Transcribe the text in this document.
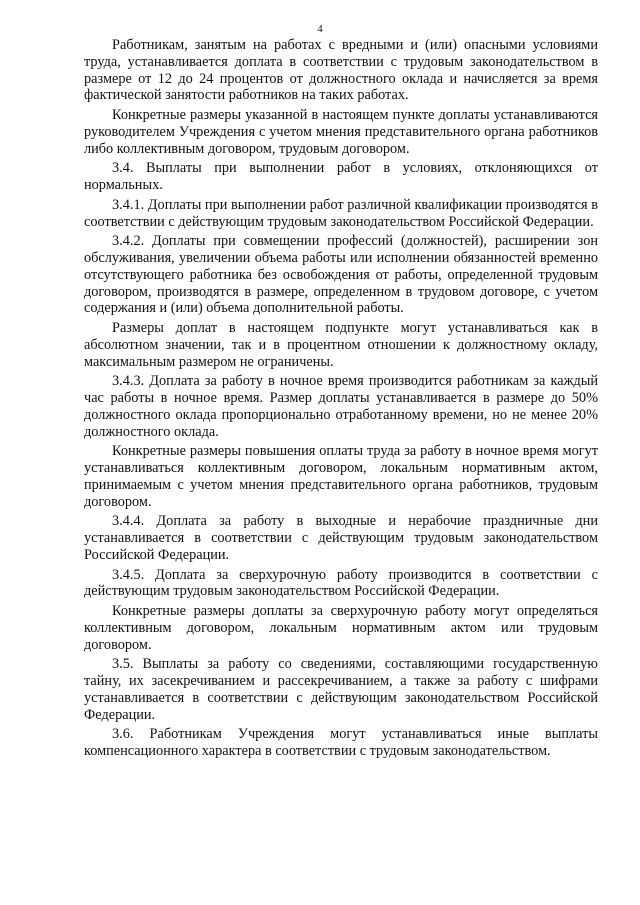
4

Работникам, занятым на работах с вредными и (или) опасными условиями труда, устанавливается доплата в соответствии с трудовым законодательством в размере от 12 до 24 процентов от должностного оклада и начисляется за время фактической занятости работников на таких работах.

Конкретные размеры указанной в настоящем пункте доплаты устанавливаются руководителем Учреждения с учетом мнения представительного органа работников либо коллективным договором, трудовым договором.

3.4. Выплаты при выполнении работ в условиях, отклоняющихся от нормальных.

3.4.1. Доплаты при выполнении работ различной квалификации производятся в соответствии с действующим трудовым законодательством Российской Федерации.

3.4.2. Доплаты при совмещении профессий (должностей), расширении зон обслуживания, увеличении объема работы или исполнении обязанностей временно отсутствующего работника без освобождения от работы, определенной трудовым договором, производятся в размере, определенном в трудовом договоре, с учетом содержания и (или) объема дополнительной работы.

Размеры доплат в настоящем подпункте могут устанавливаться как в абсолютном значении, так и в процентном отношении к должностному окладу, максимальным размером не ограничены.

3.4.3. Доплата за работу в ночное время производится работникам за каждый час работы в ночное время. Размер доплаты устанавливается в размере до 50% должностного оклада пропорционально отработанному времени, но не менее 20% должностного оклада.

Конкретные размеры повышения оплаты труда за работу в ночное время могут устанавливаться коллективным договором, локальным нормативным актом, принимаемым с учетом мнения представительного органа работников, трудовым договором.

3.4.4. Доплата за работу в выходные и нерабочие праздничные дни устанавливается в соответствии с действующим трудовым законодательством Российской Федерации.

3.4.5. Доплата за сверхурочную работу производится в соответствии с действующим трудовым законодательством Российской Федерации.

Конкретные размеры доплаты за сверхурочную работу могут определяться коллективным договором, локальным нормативным актом или трудовым договором.

3.5. Выплаты за работу со сведениями, составляющими государственную тайну, их засекречиванием и рассекречиванием, а также за работу с шифрами устанавливается в соответствии с действующим законодательством Российской Федерации.

3.6. Работникам Учреждения могут устанавливаться иные выплаты компенсационного характера в соответствии с трудовым законодательством.
